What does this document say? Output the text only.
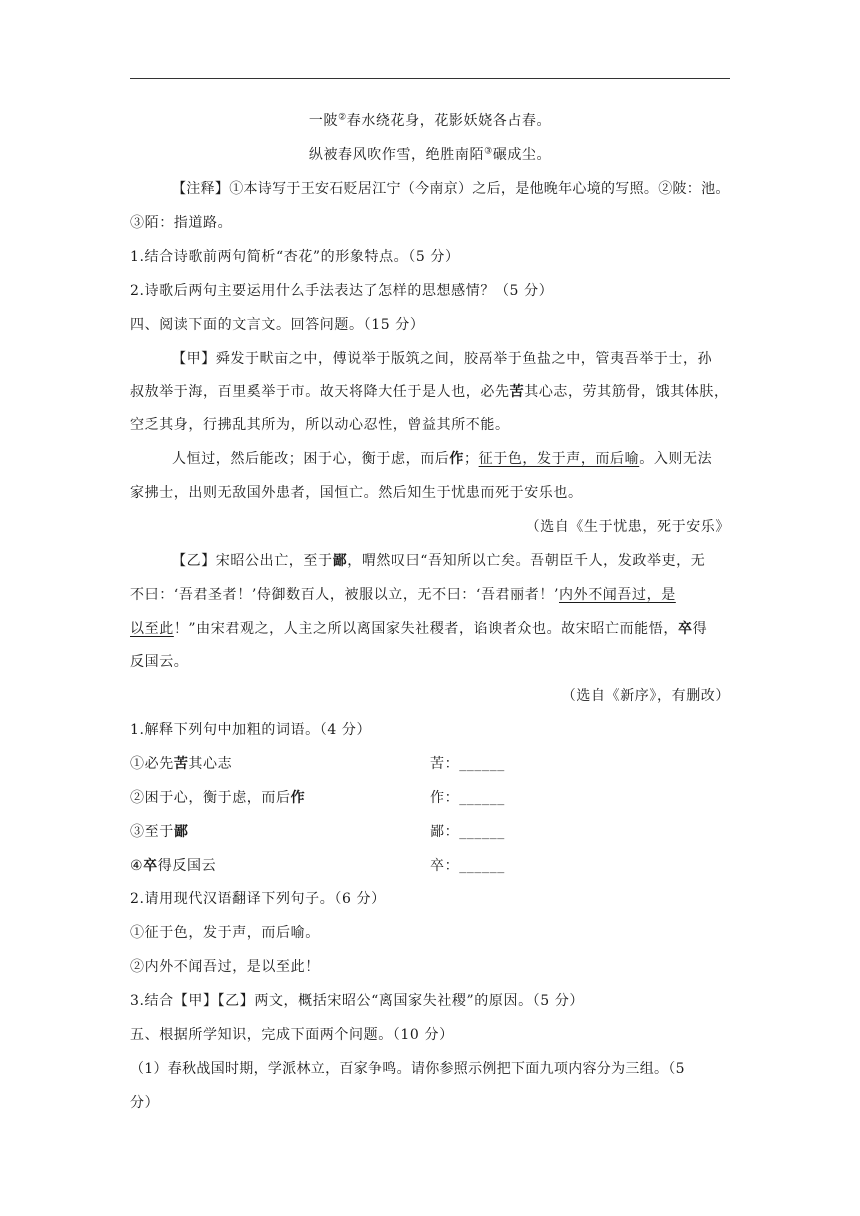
一陂②春水绕花身，花影妖娆各占春。
纵被春风吹作雪，绝胜南陌③碾成尘。
【注释】①本诗写于王安石贬居江宁（今南京）之后，是他晚年心境的写照。②陂：池。
③陌：指道路。
1.结合诗歌前两句简析“杏花”的形象特点。（5 分）
2.诗歌后两句主要运用什么手法表达了怎样的思想感情？（5 分）
四、阅读下面的文言文。回答问题。（15 分）
【甲】舜发于畎亩之中，傅说举于版筑之间，胶鬲举于鱼盐之中，管夷吾举于士，孙
叔敖举于海，百里奚举于市。故天将降大任于是人也，必先苦其心志，劳其筋骨，饿其体肤，
空乏其身，行拂乱其所为，所以动心忍性，曾益其所不能。
人恒过，然后能改；困于心，衡于虑，而后作；征于色，发于声，而后喻。入则无法
家拂士，出则无敌国外患者，国恒亡。然后知生于忧患而死于安乐也。
（选自《生于忧患，死于安乐》
【乙】宋昭公出亡，至于鄙，喟然叹曰“吾知所以亡矣。吾朝臣千人，发政举吏，无
不曰：‘吾君圣者！’侍御数百人，被服以立，无不曰：‘吾君丽者！’内外不闻吾过，是
以至此！”由宋君观之，人主之所以离国家失社稷者，谄谀者众也。故宋昭亡而能悟，卒得
反国云。
（选自《新序》，有删改）
1.解释下列句中加粗的词语。（4 分）
①必先苦其心志	苦：______
②困于心，衡于虑，而后作	作：______
③至于鄙	鄙：______
④卒得反国云	卒：______
2.请用现代汉语翻译下列句子。（6 分）
①征于色，发于声，而后喻。
②内外不闻吾过，是以至此！
3.结合【甲】【乙】两文，概括宋昭公“离国家失社稷”的原因。（5 分）
五、根据所学知识，完成下面两个问题。（10 分）
（1）春秋战国时期，学派林立，百家争鸣。请你参照示例把下面九项内容分为三组。（5
分）
